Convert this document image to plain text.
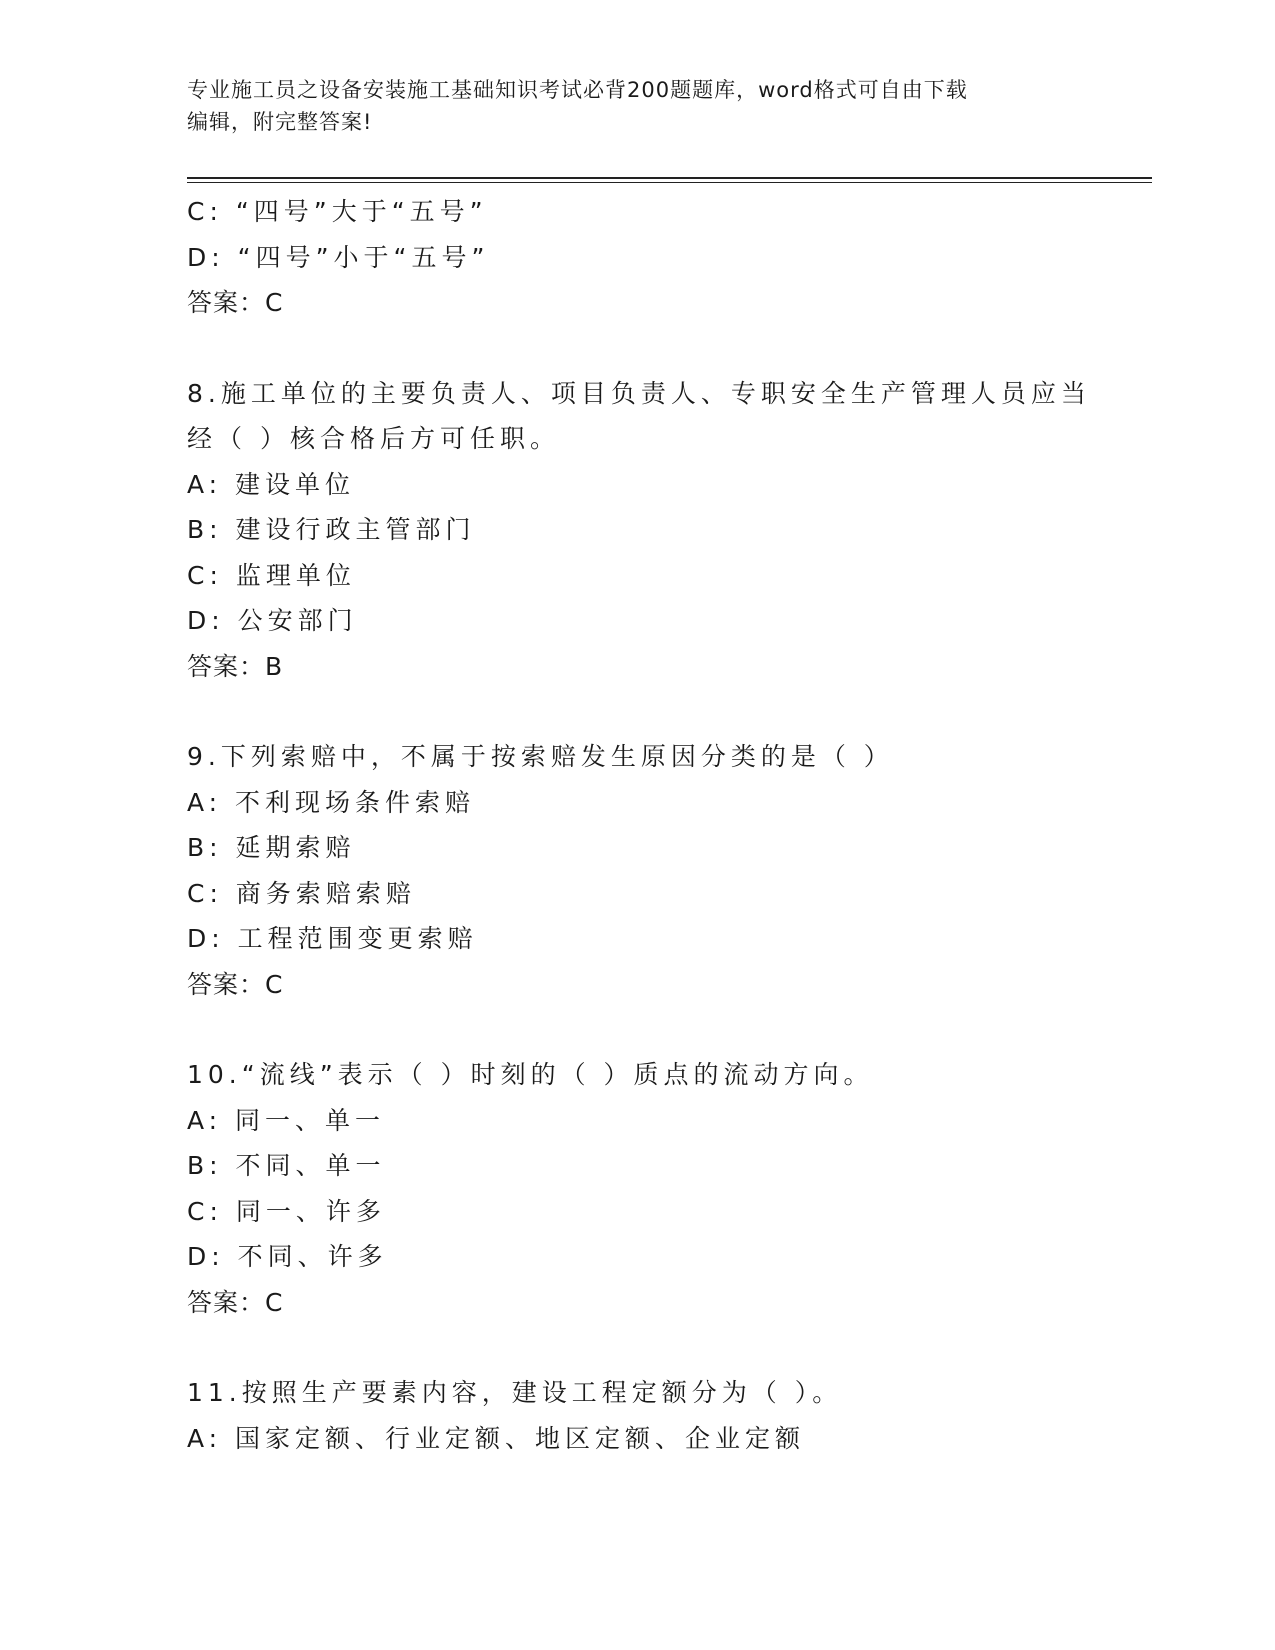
专业施工员之设备安装施工基础知识考试必背200题题库，word格式可自由下载
编辑，附完整答案!
C: “四号”大于“五号”
D: “四号”小于“五号”
答案：C
8.施工单位的主要负责人、项目负责人、专职安全生产管理人员应当
经（ ）核合格后方可任职。
A: 建设单位
B: 建设行政主管部门
C: 监理单位
D: 公安部门
答案：B
9.下列索赔中，不属于按索赔发生原因分类的是（ ）
A: 不利现场条件索赔
B: 延期索赔
C: 商务索赔索赔
D: 工程范围变更索赔
答案：C
10.“流线”表示（ ）时刻的（ ）质点的流动方向。
A: 同一、单一
B: 不同、单一
C: 同一、许多
D: 不同、许多
答案：C
11.按照生产要素内容，建设工程定额分为（ ）。
A: 国家定额、行业定额、地区定额、企业定额
